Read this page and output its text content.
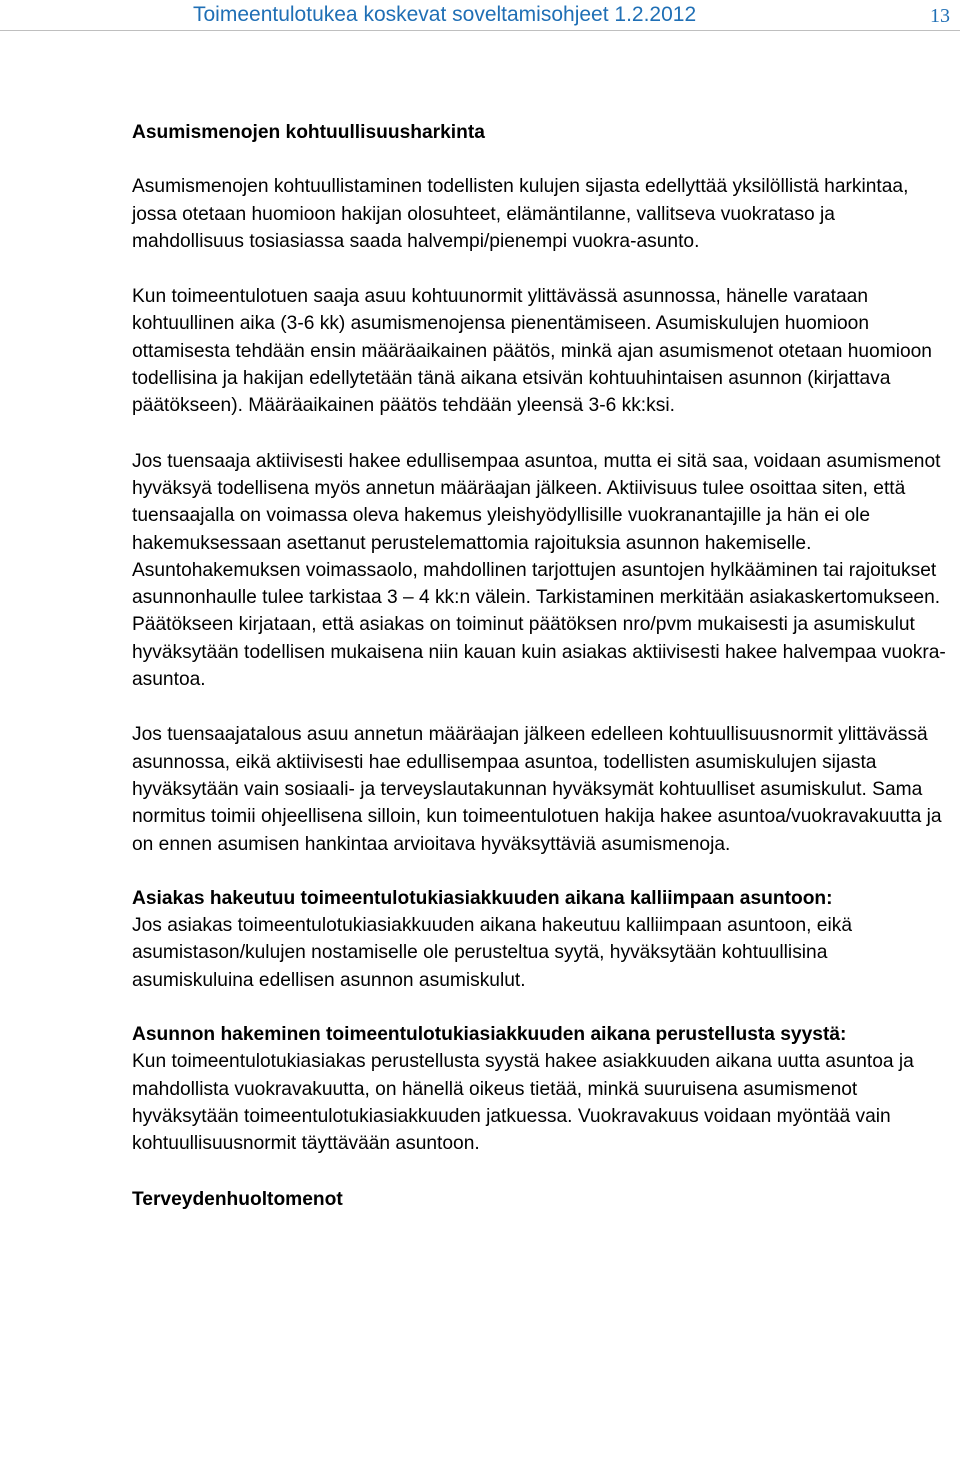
Toimeentulotukea koskevat soveltamisohjeet 1.2.2012	13
Asumismenojen kohtuullisuusharkinta

Asumismenojen kohtuullistaminen todellisten kulujen sijasta edellyttää yksilöllistä harkintaa, jossa otetaan huomioon hakijan olosuhteet, elämäntilanne, vallitseva vuokrataso ja mahdollisuus tosiasiassa saada halvempi/pienempi vuokra-asunto.

Kun toimeentulotuen saaja asuu kohtuunormit ylittävässä asunnossa, hänelle varataan kohtuullinen aika (3-6 kk) asumismenojensa pienentämiseen. Asumiskulujen huomioon ottamisesta tehdään ensin määräaikainen päätös, minkä ajan asumismenot otetaan huomioon todellisina ja hakijan edellytetään tänä aikana etsivän kohtuuhintaisen asunnon (kirjattava päätökseen). Määräaikainen päätös tehdään yleensä 3-6 kk:ksi.

Jos tuensaaja aktiivisesti hakee edullisempaa asuntoa, mutta ei sitä saa, voidaan asumismenot hyväksyä todellisena myös annetun määräajan jälkeen. Aktiivisuus tulee osoittaa siten, että tuensaajalla on voimassa oleva hakemus yleishyödyllisille vuokranantajille ja hän ei ole hakemuksessaan asettanut perustelemattomia rajoituksia asunnon hakemiselle. Asuntohakemuksen voimassaolo, mahdollinen tarjottujen asuntojen hylkääminen tai rajoitukset asunnonhaulle tulee tarkistaa 3 – 4 kk:n välein. Tarkistaminen merkitään asiakaskertomukseen. Päätökseen kirjataan, että asiakas on toiminut päätöksen nro/pvm mukaisesti ja asumiskulut hyväksytään todellisen mukaisena niin kauan kuin asiakas aktiivisesti hakee halvempaa vuokra-asuntoa.

Jos tuensaajatalous asuu annetun määräajan jälkeen edelleen kohtuullisuusnormit ylittävässä asunnossa, eikä aktiivisesti hae edullisempaa asuntoa, todellisten asumiskulujen sijasta hyväksytään vain sosiaali- ja terveyslautakunnan hyväksymät kohtuulliset asumiskulut. Sama normitus toimii ohjeellisena silloin, kun toimeentulotuen hakija hakee asuntoa/vuokravakuutta ja on ennen asumisen hankintaa arvioitava hyväksyttäviä asumismenoja.

Asiakas hakeutuu toimeentulotukiasiakkuuden aikana kalliimpaan asuntoon:

Jos asiakas toimeentulotukiasiakkuuden aikana hakeutuu kalliimpaan asuntoon, eikä asumistason/kulujen nostamiselle ole perusteltua syytä, hyväksytään kohtuullisina asumiskuluina edellisen asunnon asumiskulut.

Asunnon hakeminen toimeentulotukiasiakkuuden aikana perustellusta syystä:

Kun toimeentulotukiasiakas perustellusta syystä hakee asiakkuuden aikana uutta asuntoa ja mahdollista vuokravakuutta, on hänellä oikeus tietää, minkä suuruisena asumismenot hyväksytään toimeentulotukiasiakkuuden jatkuessa. Vuokravakuus voidaan myöntää vain kohtuullisuusnormit täyttävään asuntoon.

Terveydenhuoltomenot
